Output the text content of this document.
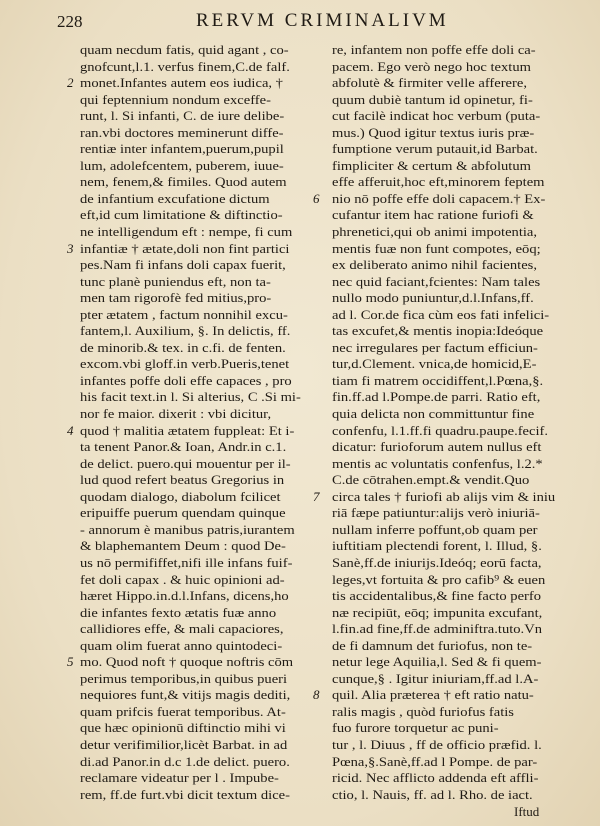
228	RERVM CRIMINALIVM
quam necdum fatis, quid agant , co-
gnofcunt,l.1. verfus finem,C.de falf.
2 monet.Infantes autem eos iudica, †
qui feptennium nondum exceffe-
runt, l. Si infanti, C. de iure delibe-
ran.vbi doctores meminerunt diffe-
rentiæ inter infantem,puerum,pupil
lum, adolefcentem, puberem, iuue-
nem, fenem,& fimiles. Quod autem
de infantium excufatione dictum
eft,id cum limitatione & diftinctio-
ne intelligendum eft : nempe, fi cum
3 infantiæ † ætate,doli non fint partici
pes.Nam fi infans doli capax fuerit,
tunc planè puniendus eft, non ta-
men tam rigorofè fed mitius,pro-
pter ætatem , factum nonnihil excu-
fantem,l. Auxilium, §. In delictis, ff.
de minorib.& tex. in c.fi. de fenten.
excom.vbi gloff.in verb.Pueris,tenet
infantes poffe doli effe capaces , pro
his facit text.in l. Si alterius, C .Si mi-
nor fe maior. dixerit : vbi dicitur,
4 quod † malitia ætatem fuppleat: Et i-
ta tenent Panor.& Ioan, Andr.in c.1.
de delict. puero.qui mouentur per il-
lud quod refert beatus Gregorius in
quodam dialogo, diabolum fcilicet
eripuiffe puerum quendam quinque
- annorum è manibus patris,iurantem
& blaphemantem Deum : quod De-
us nō permififfet,nifi ille infans fuif-
fet doli capax . & huic opinioni ad-
hæret Hippo.in.d.l.Infans, dicens,ho
die infantes fexto ætatis fuæ anno
callidiores effe, & mali capaciores,
quam olim fuerat anno quintodeci-
5 mo. Quod noft † quoque noftris cōm
perimus temporibus,in quibus pueri
nequiores funt,& vitijs magis dediti,
quam prifcis fuerat temporibus. At-
que hæc opinionū diftinctio mihi vi
detur verifimilior,licèt Barbat. in ad
di.ad Panor.in d.c 1.de delict. puero.
reclamare videatur per l . Impube-
rem, ff.de furt.vbi dicit textum dice-
re, infantem non poffe effe doli ca-
pacem. Ego verò nego hoc textum
abfolutè & firmiter velle afferere,
quum dubiè tantum id opinetur, fi-
cut facilè indicat hoc verbum (puta-
mus.) Quod igitur textus iuris præ-
fumptione verum putauit,id Barbat.
fimpliciter & certum & abfolutum
effe afferuit,hoc eft,minorem feptem
6 nio nō poffe effe doli capacem.† Ex-
cufantur item hac ratione furiofi &
phrenetici,qui ob animi impotentia,
mentis fuæ non funt compotes, eōq;
ex deliberato animo nihil facientes,
nec quid faciant,fcientes: Nam tales
nullo modo puniuntur,d.l.Infans,ff.
ad l. Cor.de fica cùm eos fati infelici-
tas excufet,& mentis inopia:Ideóque
nec irregulares per factum efficiun-
tur,d.Clement. vnica,de homicid,E-
tiam fi matrem occidiffent,l.Pœna,§.
fin.ff.ad l.Pompe.de parri. Ratio eft,
quia delicta non committuntur fine
confenfu, l.1.ff.fi quadru.paupe.fecif.
dicatur: furioforum autem nullus eft
mentis ac voluntatis confenfus, l.2.*
C.de cōtrahen.empt.& vendit.Quo
7 circa tales † furiofi ab alijs vim & iniu
riā fæpe patiuntur:alijs verò iniuriā-
nullam inferre poffunt,ob quam per
iuftitiam plectendi forent, l. Illud, §.
Sanè,ff.de iniurijs.Ideóq; eorū facta,
leges,vt fortuita & pro cafib⁹ & euen
tis accidentalibus,& fine facto perfo
næ recipiūt, eōq; impunita excufant,
l.fin.ad fine,ff.de adminiftra.tuto.Vn
de fi damnum det furiofus, non te-
netur lege Aquilia,l. Sed & fi quem-
cunque,§ . Igitur iniuriam,ff.ad l.A-
8 quil. Alia præterea † eft ratio natu-
ralis magis , quòd furiofus fatis
fuo furore torquetur ac puni-
tur , l. Diuus , ff de officio præfid. l.
Pœna,§.Sanè,ff.ad l Pompe. de par-
ricid. Nec afflicto addenda eft affli-
ctio, l. Nauis, ff. ad l. Rho. de iact.
Iftud
